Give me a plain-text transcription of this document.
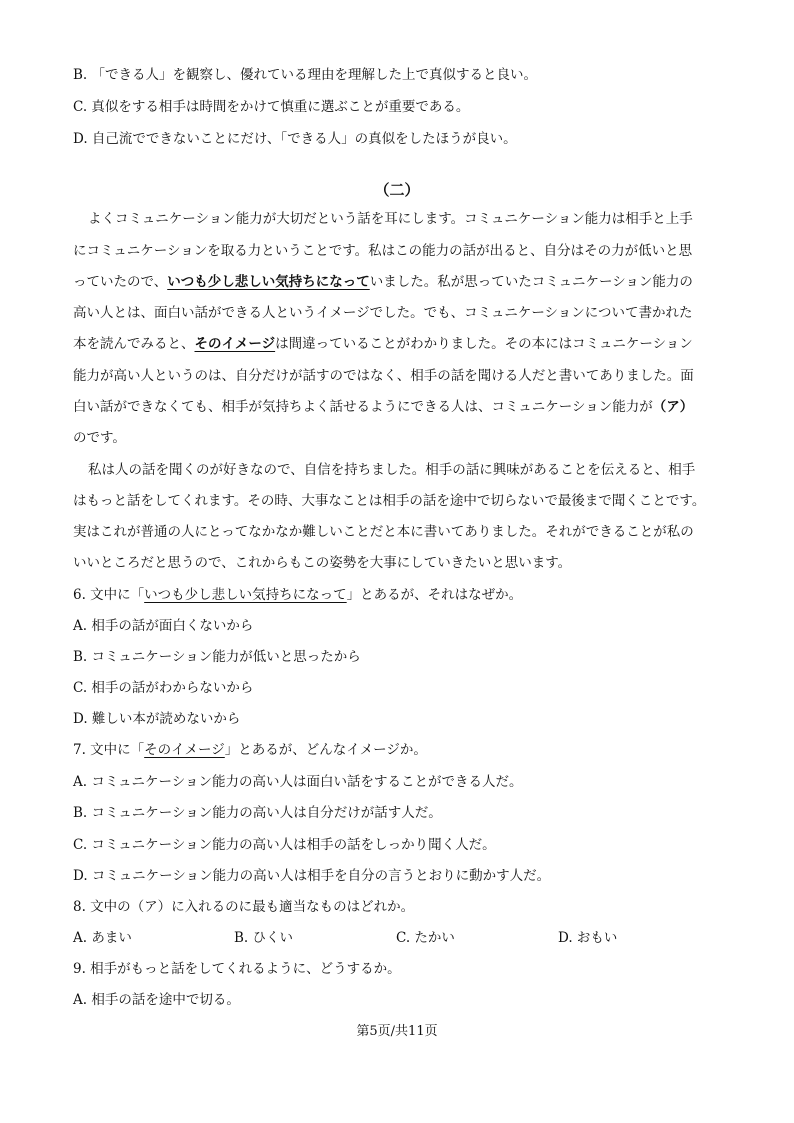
B. 「できる人」を観察し、優れている理由を理解した上で真似すると良い。
C. 真似をする相手は時間をかけて慎重に選ぶことが重要である。
D. 自己流でできないことにだけ、「できる人」の真似をしたほうが良い。
（二）
よくコミュニケーション能力が大切だという話を耳にします。コミュニケーション能力は相手と上手
にコミュニケーションを取る力ということです。私はこの能力の話が出ると、自分はその力が低いと思
っていたので、いつも少し悲しい気持ちになっていました。私が思っていたコミュニケーション能力の
高い人とは、面白い話ができる人というイメージでした。でも、コミュニケーションについて書かれた
本を読んでみると、そのイメージは間違っていることがわかりました。その本にはコミュニケーション
能力が高い人というのは、自分だけが話すのではなく、相手の話を聞ける人だと書いてありました。面
白い話ができなくても、相手が気持ちよく話せるようにできる人は、コミュニケーション能力が（ア）
のです。
私は人の話を聞くのが好きなので、自信を持ちました。相手の話に興味があることを伝えると、相手
はもっと話をしてくれます。その時、大事なことは相手の話を途中で切らないで最後まで聞くことです。
実はこれが普通の人にとってなかなか難しいことだと本に書いてありました。それができることが私の
いいところだと思うので、これからもこの姿勢を大事にしていきたいと思います。
6. 文中に「いつも少し悲しい気持ちになって」とあるが、それはなぜか。
A. 相手の話が面白くないから
B. コミュニケーション能力が低いと思ったから
C. 相手の話がわからないから
D. 難しい本が読めないから
7. 文中に「そのイメージ」とあるが、どんなイメージか。
A. コミュニケーション能力の高い人は面白い話をすることができる人だ。
B. コミュニケーション能力の高い人は自分だけが話す人だ。
C. コミュニケーション能力の高い人は相手の話をしっかり聞く人だ。
D. コミュニケーション能力の高い人は相手を自分の言うとおりに動かす人だ。
8. 文中の（ア）に入れるのに最も適当なものはどれか。
A. あまい	B. ひくい	C. たかい	D. おもい
9. 相手がもっと話をしてくれるように、どうするか。
A. 相手の話を途中で切る。
第5页/共11页
